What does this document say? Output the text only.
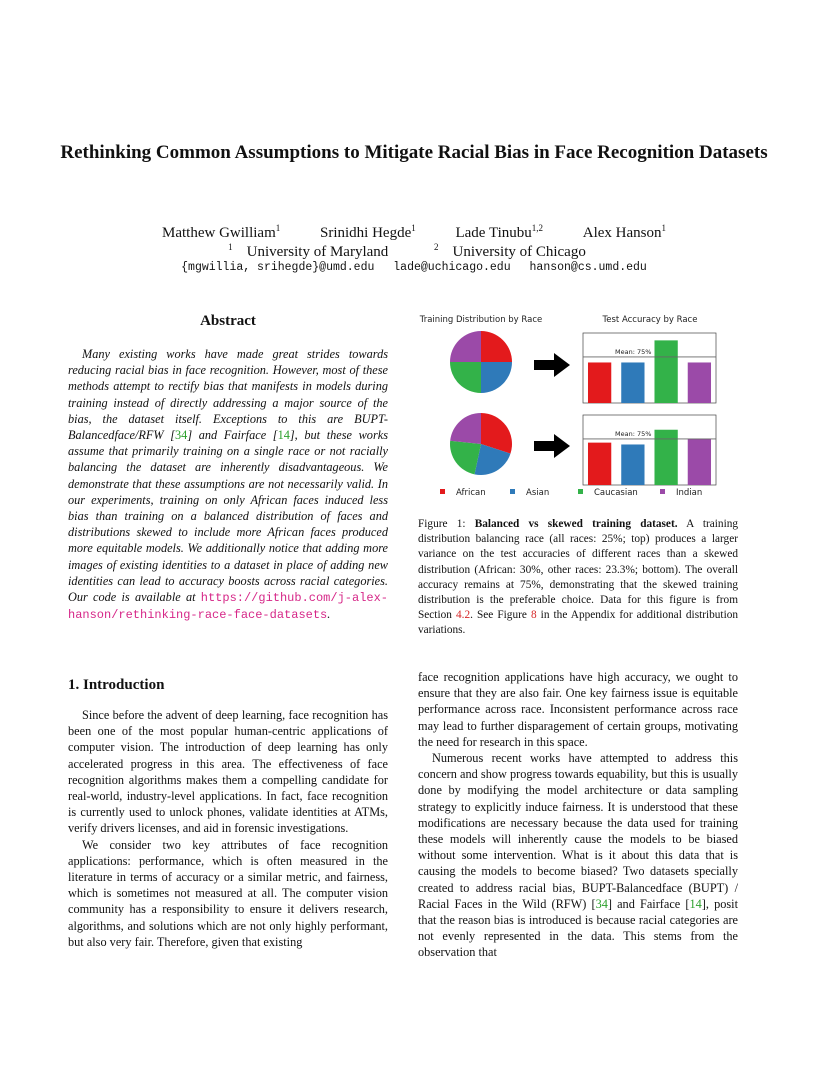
Rethinking Common Assumptions to Mitigate Racial Bias in Face Recognition Datasets
Matthew Gwilliam$^1$	Srinidhi Hegde$^1$	Lade Tinubu$^{1,2}$	Alex Hanson$^1$
$^1$ University of Maryland	$^2$ University of Chicago
{mgwillia, srihegde}@umd.edu lade@uchicago.edu hanson@cs.umd.edu
Abstract
Many existing works have made great strides towards reducing racial bias in face recognition. However, most of these methods attempt to rectify bias that manifests in models during training instead of directly addressing a major source of the bias, the dataset itself. Exceptions to this are BUPT-Balancedface/RFW [34] and Fairface [14], but these works assume that primarily training on a single race or not racially balancing the dataset are inherently disadvantageous. We demonstrate that these assumptions are not necessarily valid. In our experiments, training on only African faces induced less bias than training on a balanced distribution of faces and distributions skewed to include more African faces produced more equitable models. We additionally notice that adding more images of existing identities to a dataset in place of adding new identities can lead to accuracy boosts across racial categories. Our code is available at https://github.com/j-alex-hanson/rethinking-race-face-datasets.
1. Introduction

Since before the advent of deep learning, face recognition has been one of the most popular human-centric applications of computer vision. The introduction of deep learning has only accelerated progress in this area. The effectiveness of face recognition algorithms makes them a compelling candidate for real-world, industry-level applications. In fact, face recognition is currently used to unlock phones, validate identities at ATMs, verify drivers licenses, and aid in forensic investigations.

We consider two key attributes of face recognition applications: performance, which is often measured in the literature in terms of accuracy or a similar metric, and fairness, which is sometimes not measured at all. The computer vision community has a responsibility to ensure it delivers research, algorithms, and solutions which are not only highly performant, but also very fair. Therefore, given that existing

Training Distribution by Race	Test Accuracy by Race
Mean: 75%
Mean: 75%
African	Asian	Caucasian	Indian
Figure 1: Balanced vs skewed training dataset. A training distribution balancing race (all races: 25%; top) produces a larger variance on the test accuracies of different races than a skewed distribution (African: 30%, other races: 23.3%; bottom). The overall accuracy remains at 75%, demonstrating that the skewed training distribution is the preferable choice. Data for this figure is from Section 4.2. See Figure 8 in the Appendix for additional distribution variations.

face recognition applications have high accuracy, we ought to ensure that they are also fair. One key fairness issue is equitable performance across race. Inconsistent performance across race may lead to further disparagement of certain groups, motivating the need for research in this space.

Numerous recent works have attempted to address this concern and show progress towards equability, but this is usually done by modifying the model architecture or data sampling strategy to explicitly induce fairness. It is understood that these modifications are necessary because the data used for training these models will inherently cause the models to be biased without some intervention. What is it about this data that is causing the models to become biased? Two datasets specially created to address racial bias, BUPT-Balancedface (BUPT) / Racial Faces in the Wild (RFW) [34] and Fairface [14], posit that the reason bias is introduced is because racial categories are not evenly represented in the data. This stems from the observation that
